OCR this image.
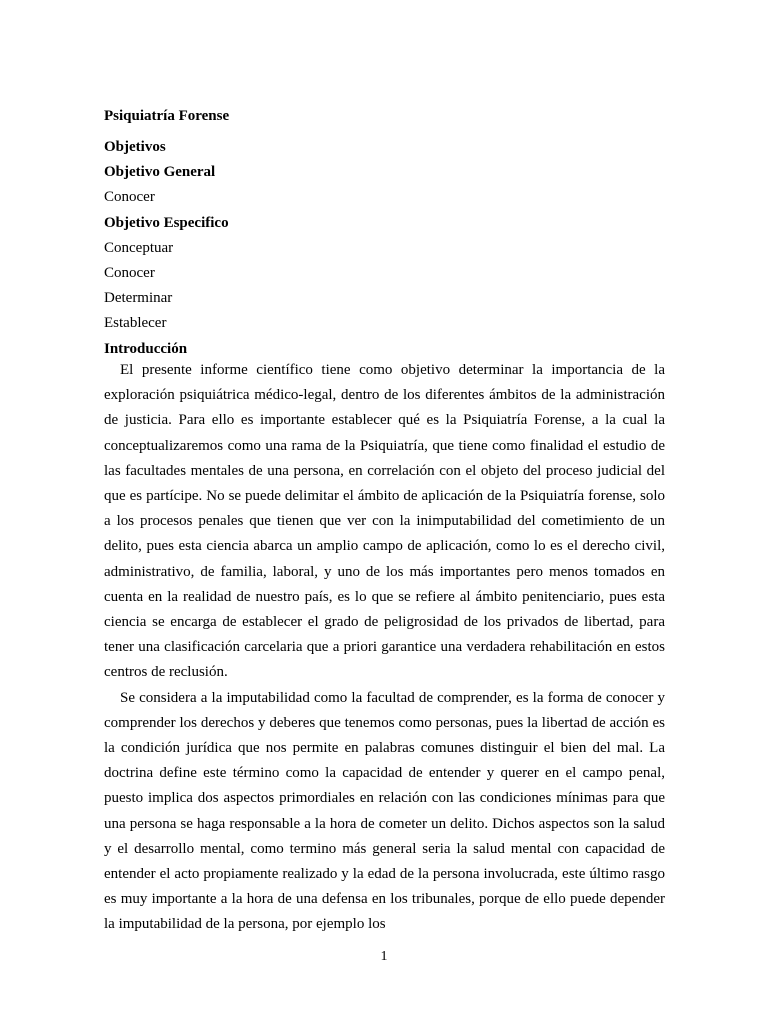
Psiquiatría Forense
Objetivos
Objetivo General
Conocer
Objetivo Especifico
Conceptuar
Conocer
Determinar
Establecer
Introducción

El presente informe científico tiene como objetivo determinar la importancia de la exploración psiquiátrica médico-legal, dentro de los diferentes ámbitos de la administración de justicia. Para ello es importante establecer qué es la Psiquiatría Forense, a la cual la conceptualizaremos como una rama de la Psiquiatría, que tiene como finalidad el estudio de las facultades mentales de una persona, en correlación con el objeto del proceso judicial del que es partícipe. No se puede delimitar el ámbito de aplicación de la Psiquiatría forense, solo a los procesos penales que tienen que ver con la inimputabilidad del cometimiento de un delito, pues esta ciencia abarca un amplio campo de aplicación, como lo es el derecho civil, administrativo, de familia, laboral, y uno de los más importantes pero menos tomados en cuenta en la realidad de nuestro país, es lo que se refiere al ámbito penitenciario, pues esta ciencia se encarga de establecer el grado de peligrosidad de los privados de libertad, para tener una clasificación carcelaria que a priori garantice una verdadera rehabilitación en estos centros de reclusión.

Se considera a la imputabilidad como la facultad de comprender, es la forma de conocer y comprender los derechos y deberes que tenemos como personas, pues la libertad de acción es la condición jurídica que nos permite en palabras comunes distinguir el bien del mal. La doctrina define este término como la capacidad de entender y querer en el campo penal, puesto implica dos aspectos primordiales en relación con las condiciones mínimas para que una persona se haga responsable a la hora de cometer un delito. Dichos aspectos son la salud y el desarrollo mental, como termino más general seria la salud mental con capacidad de entender el acto propiamente realizado y la edad de la persona involucrada, este último rasgo es muy importante a la hora de una defensa en los tribunales, porque de ello puede depender la imputabilidad de la persona, por ejemplo los

1
